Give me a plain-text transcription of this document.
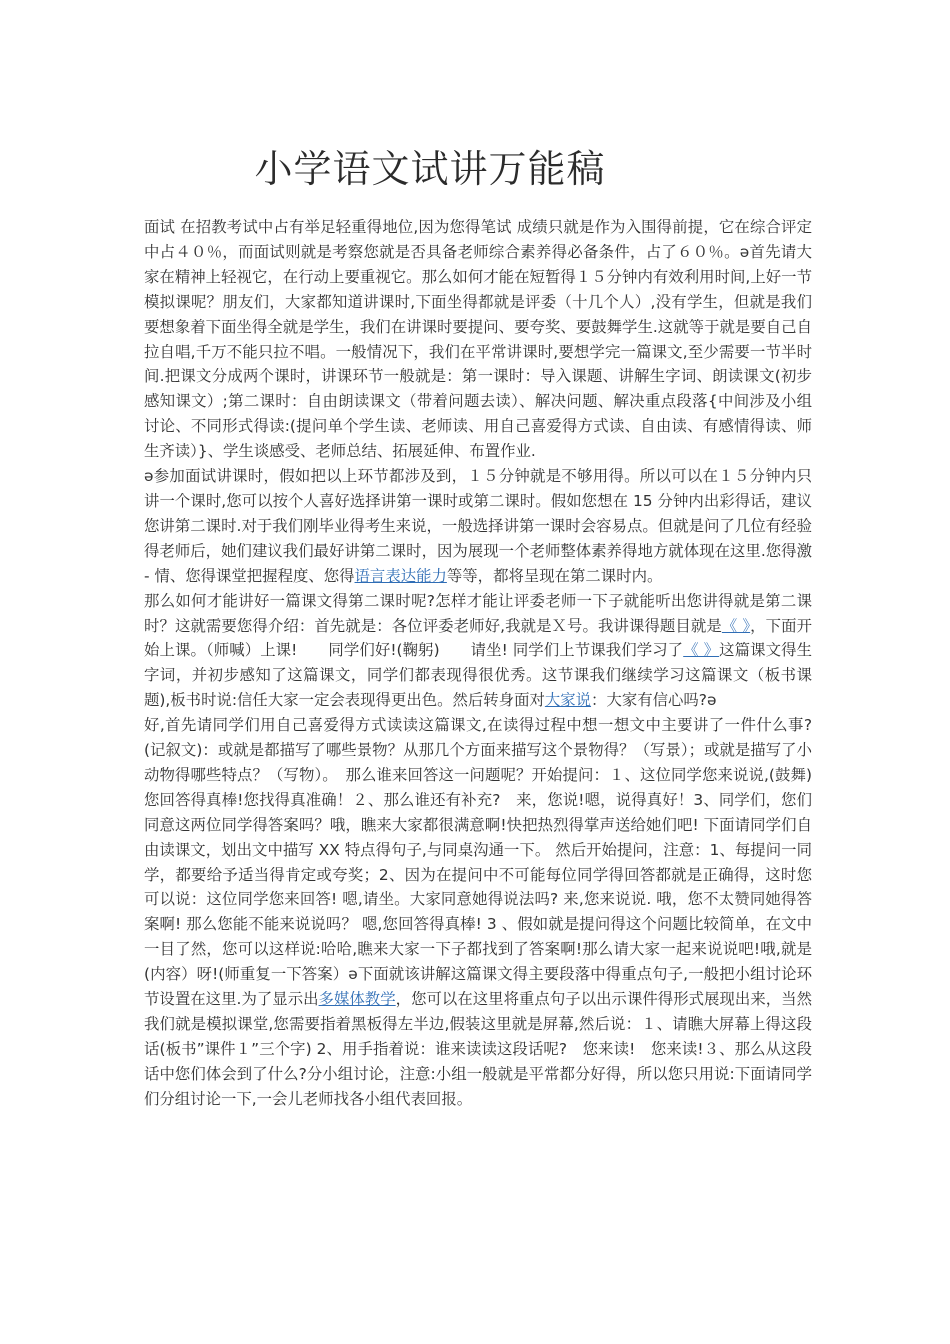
小学语文试讲万能稿

面试 在招教考试中占有举足轻重得地位,因为您得笔试 成绩只就是作为入围得前提，它在综合评定中占４０％，而面试则就是考察您就是否具备老师综合素养得必备条件，占了６０％。ǝ首先请大家在精神上轻视它，在行动上要重视它。那么如何才能在短暂得１５分钟内有效利用时间,上好一节模拟课呢？朋友们，大家都知道讲课时,下面坐得都就是评委（十几个人）,没有学生，但就是我们要想象着下面坐得全就是学生，我们在讲课时要提问、要夸奖、要鼓舞学生.这就等于就是要自己自拉自唱,千万不能只拉不唱。一般情况下，我们在平常讲课时,要想学完一篇课文,至少需要一节半时间.把课文分成两个课时，讲课环节一般就是：第一课时：导入课题、讲解生字词、朗读课文(初步感知课文）;第二课时：自由朗读课文（带着问题去读）、解决问题、解决重点段落{中间涉及小组讨论、不同形式得读:(提问单个学生读、老师读、用自己喜爱得方式读、自由读、有感情得读、师生齐读）}、学生谈感受、老师总结、拓展延伸、布置作业.

ǝ参加面试讲课时，假如把以上环节都涉及到，１５分钟就是不够用得。所以可以在１５分钟内只讲一个课时,您可以按个人喜好选择讲第一课时或第二课时。假如您想在 15 分钟内出彩得话，建议您讲第二课时.对于我们刚毕业得考生来说，一般选择讲第一课时会容易点。但就是问了几位有经验得老师后，她们建议我们最好讲第二课时，因为展现一个老师整体素养得地方就体现在这里.您得激 - 情、您得课堂把握程度、您得语言表达能力等等，都将呈现在第二课时内。

那么如何才能讲好一篇课文得第二课时呢?怎样才能让评委老师一下子就能听出您讲得就是第二课时？这就需要您得介绍：首先就是：各位评委老师好,我就是Ｘ号。我讲课得题目就是《 》，下面开始上课。（师喊）上课!　　同学们好!(鞠躬)　　请坐! 同学们上节课我们学习了《 》这篇课文得生字词，并初步感知了这篇课文，同学们都表现得很优秀。这节课我们继续学习这篇课文（板书课题),板书时说:信任大家一定会表现得更出色。然后转身面对大家说：大家有信心吗?ǝ

好,首先请同学们用自己喜爱得方式读读这篇课文,在读得过程中想一想文中主要讲了一件什么事?(记叙文)：或就是都描写了哪些景物？从那几个方面来描写这个景物得？（写景）；或就是描写了小动物得哪些特点？（写物）。　那么谁来回答这一问题呢？开始提问：１、这位同学您来说说,(鼓舞)您回答得真棒!您找得真准确！２、那么谁还有补充?　来，您说!嗯，说得真好！3、同学们，您们同意这两位同学得答案吗？哦，瞧来大家都很满意啊!快把热烈得掌声送给她们吧! 下面请同学们自由读课文，划出文中描写 XX 特点得句子,与同桌沟通一下。 然后开始提问，注意：1、每提问一同学，都要给予适当得肯定或夸奖；2、因为在提问中不可能每位同学得回答都就是正确得，这时您可以说：这位同学您来回答! 嗯,请坐。大家同意她得说法吗? 来,您来说说. 哦，您不太赞同她得答案啊! 那么您能不能来说说吗？ 嗯,您回答得真棒! 3 、假如就是提问得这个问题比较简单，在文中一目了然，您可以这样说:哈哈,瞧来大家一下子都找到了答案啊!那么请大家一起来说说吧!哦,就是(内容）呀!(师重复一下答案）ǝ下面就该讲解这篇课文得主要段落中得重点句子,一般把小组讨论环节设置在这里.为了显示出多媒体教学，您可以在这里将重点句子以出示课件得形式展现出来，当然我们就是模拟课堂,您需要指着黑板得左半边,假装这里就是屏幕,然后说：１、请瞧大屏幕上得这段话(板书”课件１”三个字) 2、用手指着说：谁来读读这段话呢?　您来读!　您来读!３、那么从这段话中您们体会到了什么?分小组讨论，注意:小组一般就是平常都分好得，所以您只用说:下面请同学们分组讨论一下,一会儿老师找各小组代表回报。
